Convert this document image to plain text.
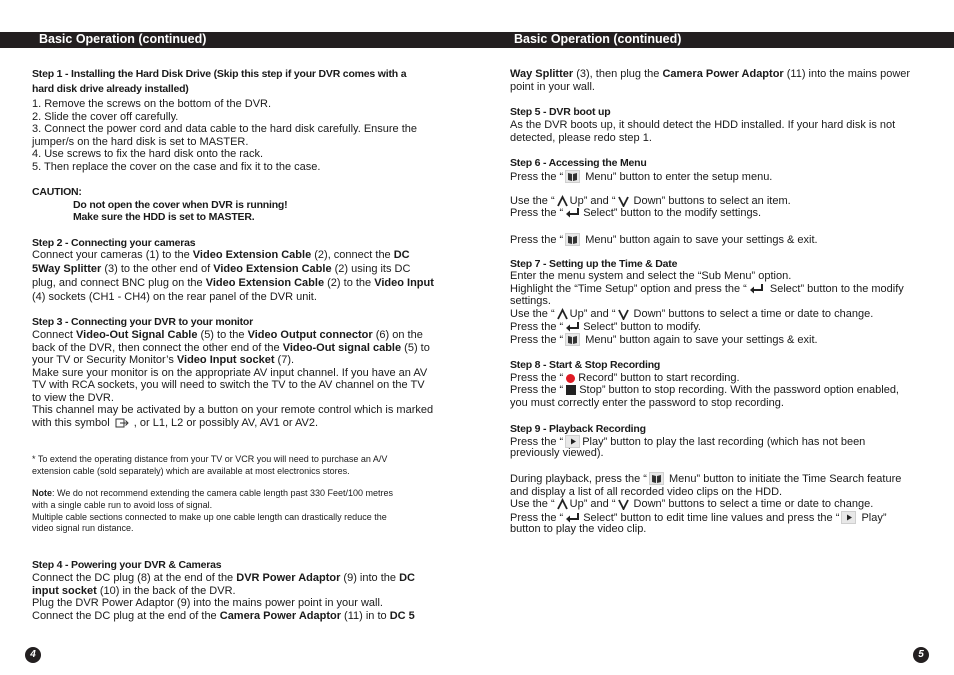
Basic Operation (continued)	Basic Operation (continued)
Step 1 - Installing the Hard Disk Drive (Skip this step if your DVR comes with a
hard disk drive already installed)
1. Remove the screws on the bottom of the DVR.
2. Slide the cover off carefully.
3. Connect the power cord and data cable to the hard disk carefully. Ensure the
jumper/s on the hard disk is set to MASTER.
4. Use screws to fix the hard disk onto the rack.
5. Then replace the cover on the case and fix it to the case.
CAUTION:
Do not open the cover when DVR is running!
Make sure the HDD is set to MASTER.
Step 2 - Connecting your cameras
Connect your cameras (1) to the Video Extension Cable (2), connect the DC
5Way Splitter (3) to the other end of Video Extension Cable (2) using its DC
plug, and connect BNC plug on the Video Extension Cable (2) to the Video Input
(4) sockets (CH1 - CH4) on the rear panel of the DVR unit.
Step 3 - Connecting your DVR to your monitor
Connect Video-Out Signal Cable (5) to the Video Output connector (6) on the
back of the DVR, then connect the other end of the Video-Out signal cable (5) to
your TV or Security Monitor’s Video Input socket (7).
Make sure your monitor is on the appropriate AV input channel. If you have an AV
TV with RCA sockets, you will need to switch the TV to the AV channel on the TV
to view the DVR.
This channel may be activated by a button on your remote control which is marked
with this symbol  , or L1, L2 or possibly AV, AV1 or AV2.
* To extend the operating distance from your TV or VCR you will need to purchase an A/V
extension cable (sold separately) which are available at most electronics stores.
Note: We do not recommend extending the camera cable length past 330 Feet/100 metres
with a single cable run to avoid loss of signal.
Multiple cable sections connected to make up one cable length can drastically reduce the
video signal run distance.
Step 4 - Powering your DVR & Cameras
Connect the DC plug (8) at the end of the DVR Power Adaptor (9) into the DC
input socket (10) in the back of the DVR.
Plug the DVR Power Adaptor (9) into the mains power point in your wall.
Connect the DC plug at the end of the Camera Power Adaptor (11) in to DC 5
4
Way Splitter (3), then plug the Camera Power Adaptor (11) into the mains power
point in your wall.
Step 5 - DVR boot up
As the DVR boots up, it should detect the HDD installed. If your hard disk is not
detected, please redo step 1.
Step 6 - Accessing the Menu
Press the “
Menu” button to enter the setup menu.
Use the “ Up” and “ Down” buttons to select an item.
Press the “ Select” button to the modify settings.
Press the “
Menu” button again to save your settings & exit.
Step 7 - Setting up the Time & Date
Enter the menu system and select the “Sub Menu” option.
Highlight the “Time Setup” option and press the “ Select” button to the modify
settings.
Use the “ Up” and “ Down” buttons to select a time or date to change.
Press the “ Select” button to modify.
Press the “
Menu” button again to save your settings & exit.
Step 8 - Start & Stop Recording
Press the “ Record” button to start recording.
Press the “ Stop” button to stop recording. With the password option enabled,
you must correctly enter the password to stop recording.
Step 9 - Playback Recording
Press the “ Play” button to play the last recording (which has not been
previously viewed).
During playback, press the “
Menu” button to initiate the Time Search feature
and display a list of all recorded video clips on the HDD.
Use the “ Up” and “ Down” buttons to select a time or date to change.
Press the “ Select” button to edit time line values and press the “
Play”
button to play the video clip.
5
